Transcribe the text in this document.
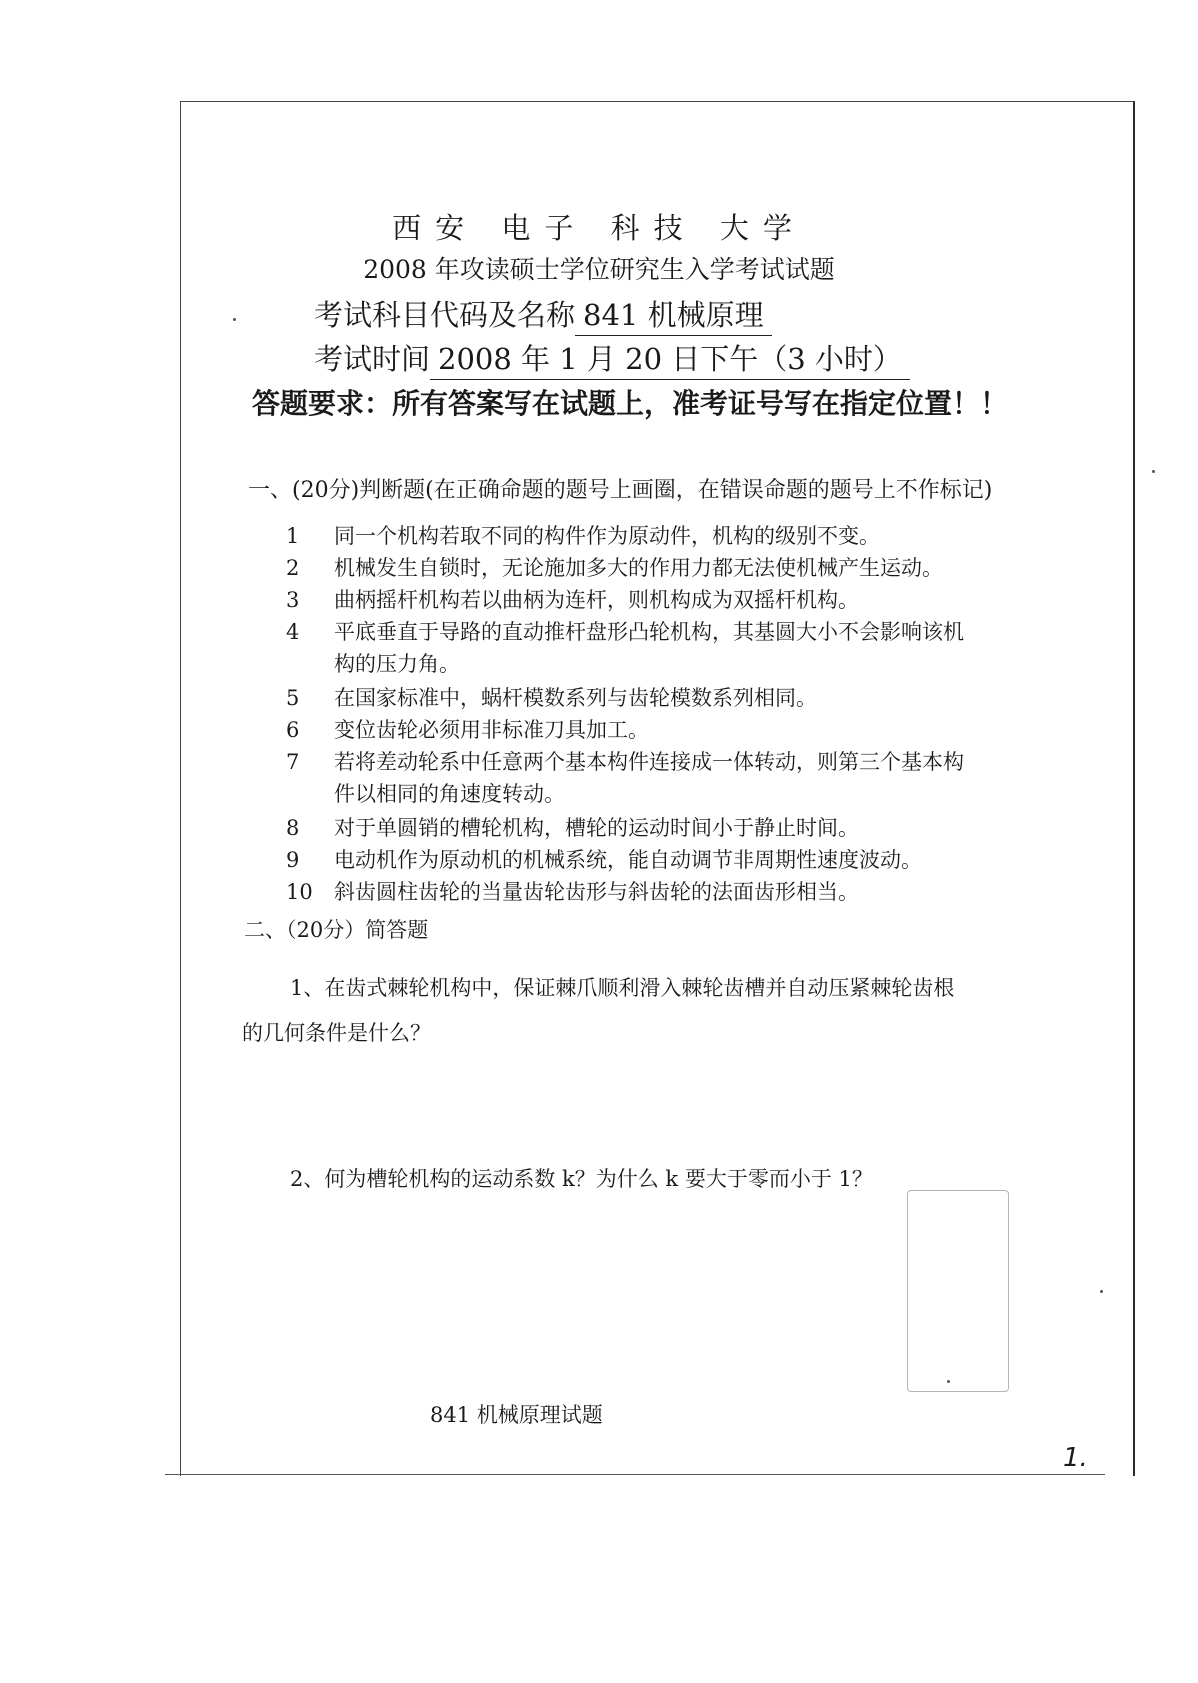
西安 电子 科技 大学
2008 年攻读硕士学位研究生入学考试试题
考试科目代码及名称 841 机械原理
考试时间 2008 年 1 月 20 日下午（3 小时）
答题要求：所有答案写在试题上，准考证号写在指定位置！！
一、(20分)判断题(在正确命题的题号上画圈，在错误命题的题号上不作标记)
1 同一个机构若取不同的构件作为原动件，机构的级别不变。
2 机械发生自锁时，无论施加多大的作用力都无法使机械产生运动。
3 曲柄摇杆机构若以曲柄为连杆，则机构成为双摇杆机构。
4 平底垂直于导路的直动推杆盘形凸轮机构，其基圆大小不会影响该机
构的压力角。
5 在国家标准中，蜗杆模数系列与齿轮模数系列相同。
6 变位齿轮必须用非标准刀具加工。
7 若将差动轮系中任意两个基本构件连接成一体转动，则第三个基本构
件以相同的角速度转动。
8 对于单圆销的槽轮机构，槽轮的运动时间小于静止时间。
9 电动机作为原动机的机械系统，能自动调节非周期性速度波动。
10 斜齿圆柱齿轮的当量齿轮齿形与斜齿轮的法面齿形相当。
二、（20分）简答题
1、在齿式棘轮机构中，保证棘爪顺利滑入棘轮齿槽并自动压紧棘轮齿根
的几何条件是什么？
2、何为槽轮机构的运动系数 k？为什么 k 要大于零而小于 1？
841 机械原理试题
1.
